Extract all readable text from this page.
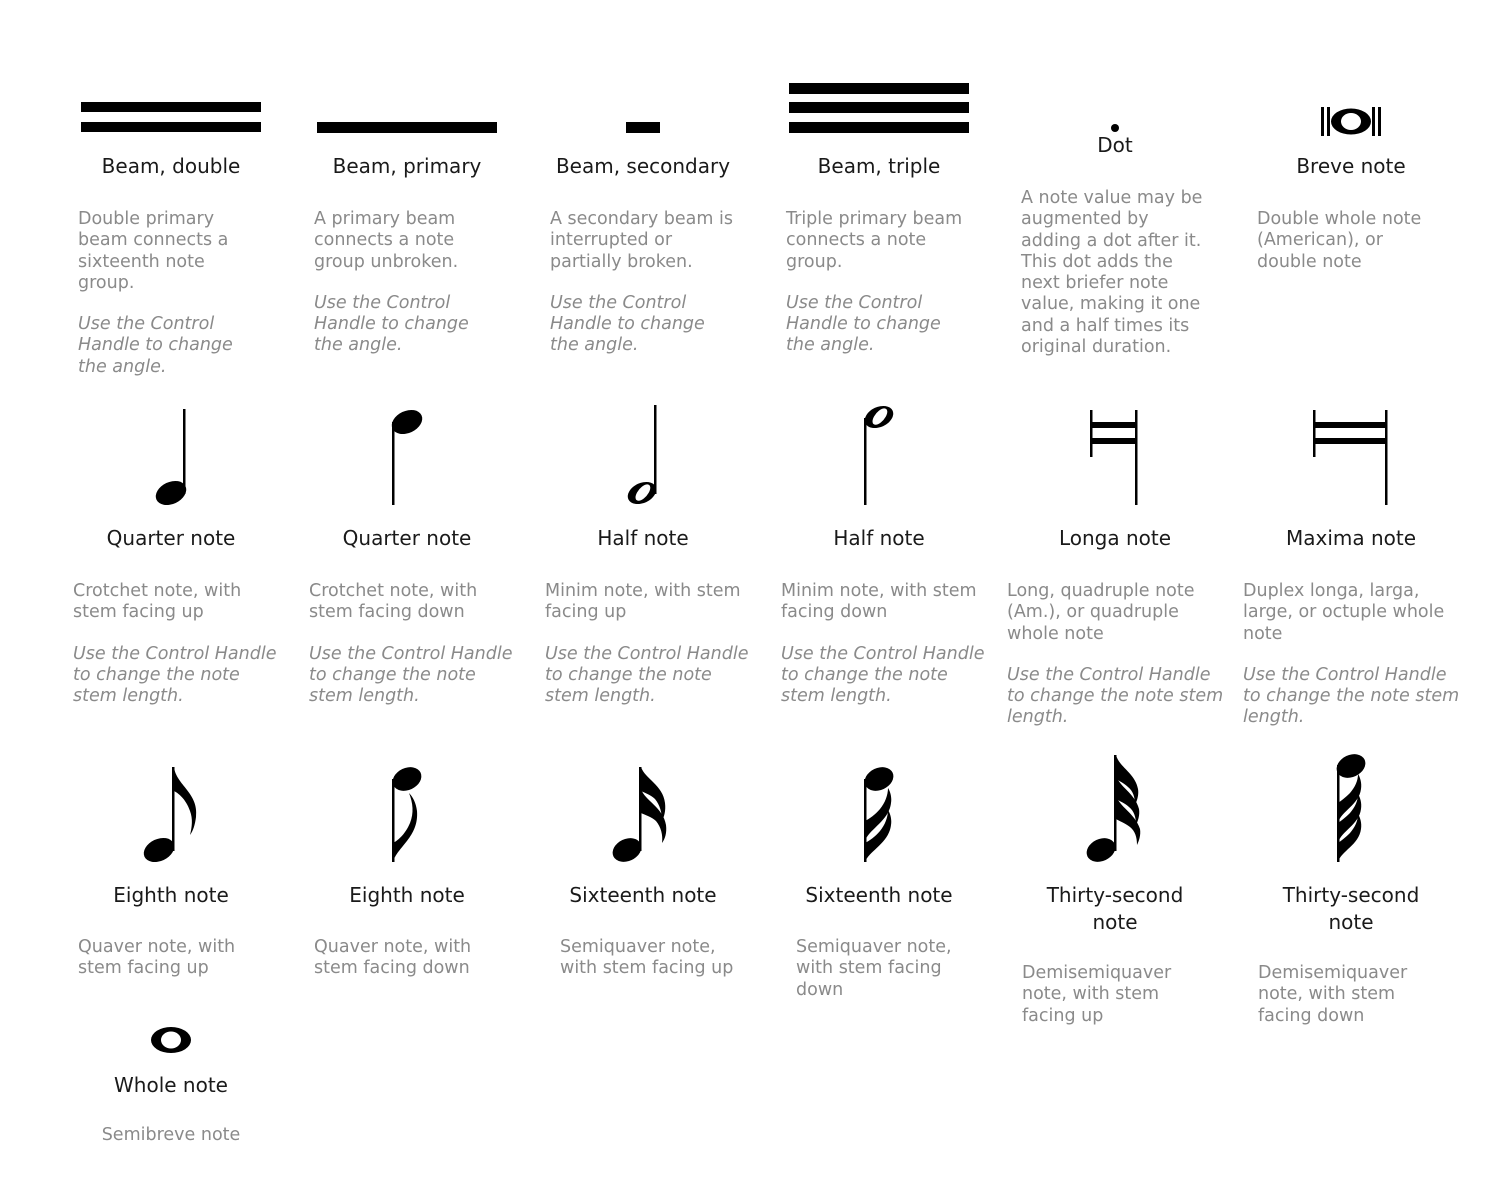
Beam, double

Double primary beam connects a sixteenth note group.

Use the Control Handle to change the angle.

Beam, primary

A primary beam connects a note group unbroken.

Use the Control Handle to change the angle.

Beam, secondary

A secondary beam is interrupted or partially broken.

Use the Control Handle to change the angle.

Beam, triple

Triple primary beam connects a note group.

Use the Control Handle to change the angle.

Dot

A note value may be augmented by adding a dot after it. This dot adds the next briefer note value, making it one and a half times its original duration.

Breve note

Double whole note (American), or double note

Quarter note

Crotchet note, with stem facing up

Use the Control Handle to change the note stem length.

Quarter note

Crotchet note, with stem facing down

Use the Control Handle to change the note stem length.

Half note

Minim note, with stem facing up

Use the Control Handle to change the note stem length.

Half note

Minim note, with stem facing down

Use the Control Handle to change the note stem length.

Longa note

Long, quadruple note (Am.), or quadruple whole note

Use the Control Handle to change the note stem length.

Maxima note

Duplex longa, larga, large, or octuple whole note

Use the Control Handle to change the note stem length.

Eighth note

Quaver note, with stem facing up

Eighth note

Quaver note, with stem facing down

Sixteenth note

Semiquaver note, with stem facing up

Sixteenth note

Semiquaver note, with stem facing down

Thirty-second note

Demisemiquaver note, with stem facing up

Thirty-second note

Demisemiquaver note, with stem facing down

Whole note

Semibreve note
